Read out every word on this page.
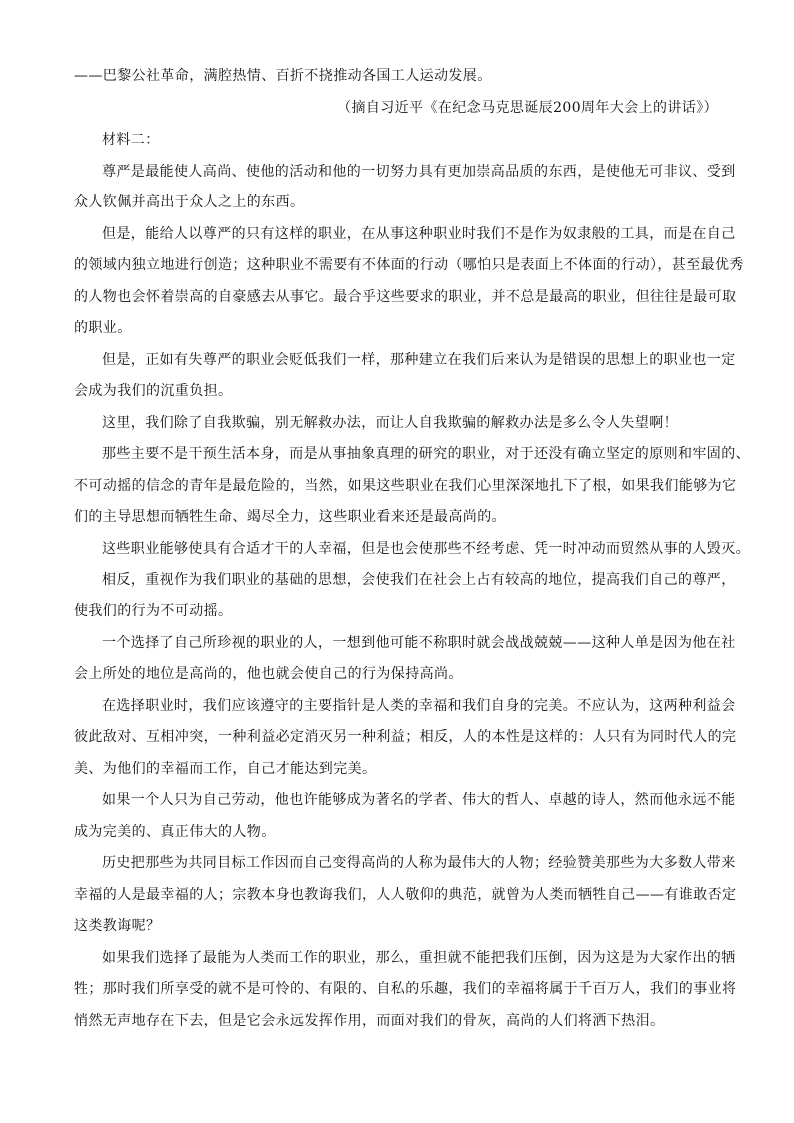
——巴黎公社革命，满腔热情、百折不挠推动各国工人运动发展。
（摘自习近平《在纪念马克思诞辰200周年大会上的讲话》）
材料二：
尊严是最能使人高尚、使他的活动和他的一切努力具有更加崇高品质的东西，是使他无可非议、受到
众人钦佩并高出于众人之上的东西。
但是，能给人以尊严的只有这样的职业，在从事这种职业时我们不是作为奴隶般的工具，而是在自己
的领域内独立地进行创造；这种职业不需要有不体面的行动（哪怕只是表面上不体面的行动），甚至最优秀
的人物也会怀着崇高的自豪感去从事它。最合乎这些要求的职业，并不总是最高的职业，但往往是最可取
的职业。
但是，正如有失尊严的职业会贬低我们一样，那种建立在我们后来认为是错误的思想上的职业也一定
会成为我们的沉重负担。
这里，我们除了自我欺骗，别无解救办法，而让人自我欺骗的解救办法是多么令人失望啊！
那些主要不是干预生活本身，而是从事抽象真理的研究的职业，对于还没有确立坚定的原则和牢固的、
不可动摇的信念的青年是最危险的，当然，如果这些职业在我们心里深深地扎下了根，如果我们能够为它
们的主导思想而牺牲生命、竭尽全力，这些职业看来还是最高尚的。
这些职业能够使具有合适才干的人幸福，但是也会使那些不经考虑、凭一时冲动而贸然从事的人毁灭。
相反，重视作为我们职业的基础的思想，会使我们在社会上占有较高的地位，提高我们自己的尊严，
使我们的行为不可动摇。
一个选择了自己所珍视的职业的人，一想到他可能不称职时就会战战兢兢——这种人单是因为他在社
会上所处的地位是高尚的，他也就会使自己的行为保持高尚。
在选择职业时，我们应该遵守的主要指针是人类的幸福和我们自身的完美。不应认为，这两种利益会
彼此敌对、互相冲突，一种利益必定消灭另一种利益；相反，人的本性是这样的：人只有为同时代人的完
美、为他们的幸福而工作，自己才能达到完美。
如果一个人只为自己劳动，他也许能够成为著名的学者、伟大的哲人、卓越的诗人，然而他永远不能
成为完美的、真正伟大的人物。
历史把那些为共同目标工作因而自己变得高尚的人称为最伟大的人物；经验赞美那些为大多数人带来
幸福的人是最幸福的人；宗教本身也教诲我们，人人敬仰的典范，就曾为人类而牺牲自己——有谁敢否定
这类教诲呢？
如果我们选择了最能为人类而工作的职业，那么，重担就不能把我们压倒，因为这是为大家作出的牺
牲；那时我们所享受的就不是可怜的、有限的、自私的乐趣，我们的幸福将属于千百万人，我们的事业将
悄然无声地存在下去，但是它会永远发挥作用，而面对我们的骨灰，高尚的人们将洒下热泪。
